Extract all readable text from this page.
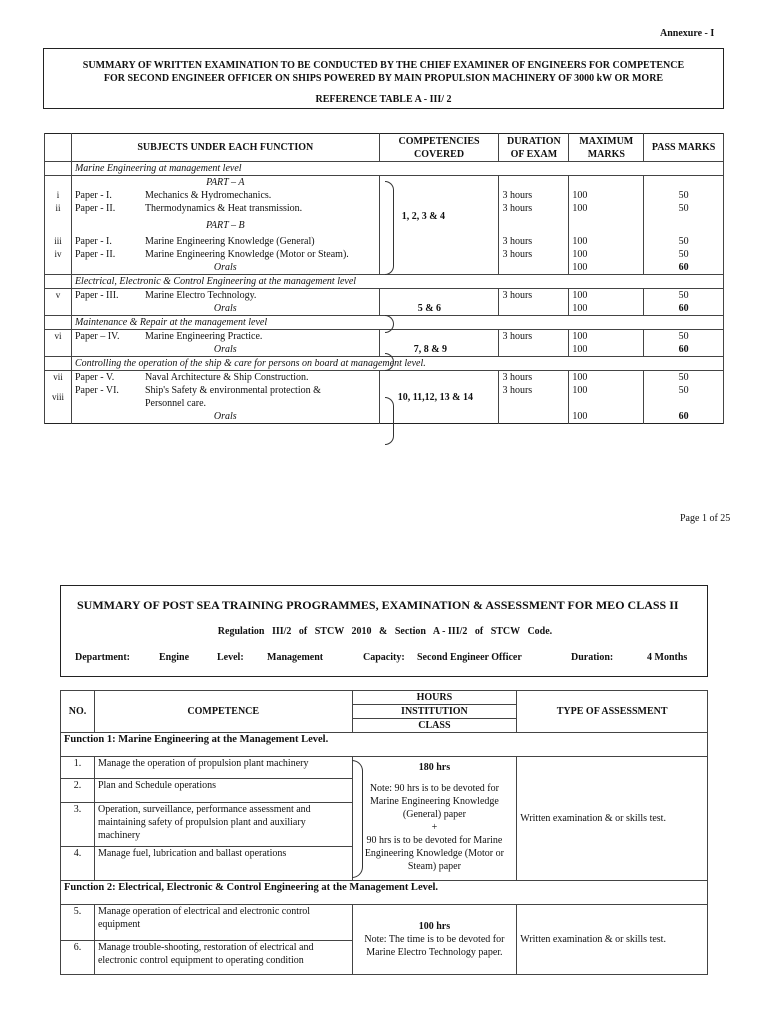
Annexure - I
SUMMARY OF WRITTEN EXAMINATION TO BE CONDUCTED BY THE CHIEF EXAMINER OF ENGINEERS FOR COMPETENCE
FOR SECOND ENGINEER OFFICER ON SHIPS POWERED BY MAIN PROPULSION MACHINERY OF 3000 kW OR MORE
REFERENCE TABLE A - III/ 2
	SUBJECTS UNDER EACH FUNCTION	COMPETENCIES COVERED	DURATION OF EXAM	MAXIMUM MARKS	PASS MARKS
	Marine Engineering at management level				
	PART – A				
i	Paper - I. Mechanics & Hydromechanics.		3 hours	100	50
ii	Paper - II. Thermodynamics & Heat transmission.	1, 2, 3 & 4	3 hours	100	50
	PART – B				
iii	Paper - I. Marine Engineering Knowledge (General)		3 hours	100	50
iv	Paper - II. Marine Engineering Knowledge (Motor or Steam).		3 hours	100	50
	Orals			100	60
	Electrical, Electronic & Control Engineering at the management level				
v	Paper - III. Marine Electro Technology.		3 hours	100	50
	Orals	5 & 6		100	60
	Maintenance & Repair at the management level				
vi	Paper – IV. Marine Engineering Practice.		3 hours	100	50
	Orals	7, 8 & 9		100	60
	Controlling the operation of the ship & care for persons on board at management level.				
vii	Paper - V. Naval Architecture & Ship Construction.	10, 11,12, 13 & 14	3 hours	100	50
viii	Paper - VI. Ship's Safety & environmental protection & Personnel care.		3 hours	100	50
	Orals			100	60
Page 1 of 25
SUMMARY OF POST SEA TRAINING PROGRAMMES, EXAMINATION & ASSESSMENT FOR MEO CLASS II
Regulation   III/2   of   STCW   2010   &   Section   A - III/2   of   STCW   Code.
Department:	Engine	Level: Management	Capacity: Second Engineer Officer	Duration:	4 Months
NO.	COMPETENCE	HOURS	TYPE OF ASSESSMENT
		INSTITUTION	
		CLASS	
Function 1: Marine Engineering at the Management Level.			
1.	Manage the operation of propulsion plant machinery	180 hrs
Note: 90 hrs is to be devoted for Marine Engineering Knowledge (General) paper
+
90 hrs is to be devoted for Marine Engineering Knowledge (Motor or Steam) paper	Written examination & or skills test.
2.	Plan and Schedule operations		
3.	Operation, surveillance, performance assessment and maintaining safety of propulsion plant and auxiliary machinery		
4.	Manage fuel, lubrication and ballast operations		
Function 2: Electrical, Electronic & Control Engineering at the Management Level.			
5.	Manage operation of electrical and electronic control equipment	100 hrs
Note: The time is to be devoted for Marine Electro Technology paper.	Written examination & or skills test.
6.	Manage trouble-shooting, restoration of electrical and electronic control equipment to operating condition		
